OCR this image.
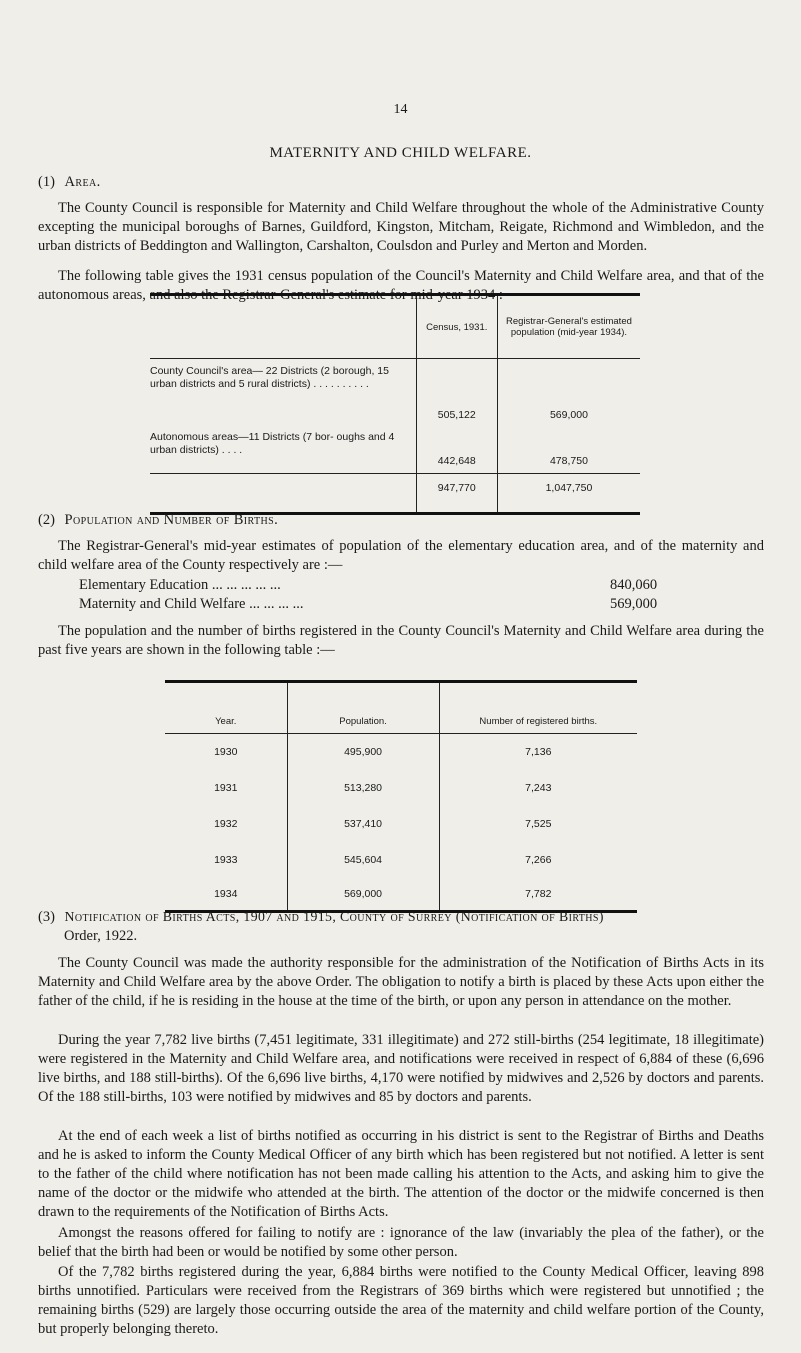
14
MATERNITY AND CHILD WELFARE.
(1) Area.

The County Council is responsible for Maternity and Child Welfare throughout the whole of the Administrative County excepting the municipal boroughs of Barnes, Guildford, Kingston, Mitcham, Reigate, Richmond and Wimbledon, and the urban districts of Beddington and Wallington, Carshalton, Coulsdon and Purley and Merton and Morden.

The following table gives the 1931 census population of the Council's Maternity and Child Welfare area, and that of the autonomous areas, and also the Registrar-General's estimate for mid-year 1934 :—

	Census, 1931.	Registrar-General's estimated population (mid-year 1934).
County Council's area— 22 Districts (2 borough, 15 urban districts and 5 rural districts) . . . . . . . . . .	505,122	569,000
Autonomous areas—11 Districts (7 bor- oughs and 4 urban districts) . . . .	442,648	478,750
	947,770	1,047,750
(2) Population and Number of Births.

The Registrar-General's mid-year estimates of population of the elementary education area, and of the maternity and child welfare area of the County respectively are :—

Elementary Education ... ... ... ... ...	840,060
Maternity and Child Welfare ... ... ... ...	569,000

The population and the number of births registered in the County Council's Maternity and Child Welfare area during the past five years are shown in the following table :—

Year.	Population.	Number of registered births.
1930	495,900	7,136
1931	513,280	7,243
1932	537,410	7,525
1933	545,604	7,266
1934	569,000	7,782
(3) Notification of Births Acts, 1907 and 1915, County of Surrey (Notification of Births)
Order, 1922.

The County Council was made the authority responsible for the administration of the Notification of Births Acts in its Maternity and Child Welfare area by the above Order. The obligation to notify a birth is placed by these Acts upon either the father of the child, if he is residing in the house at the time of the birth, or upon any person in attendance on the mother.

During the year 7,782 live births (7,451 legitimate, 331 illegitimate) and 272 still-births (254 legitimate, 18 illegitimate) were registered in the Maternity and Child Welfare area, and notifications were received in respect of 6,884 of these (6,696 live births, and 188 still-births). Of the 6,696 live births, 4,170 were notified by midwives and 2,526 by doctors and parents. Of the 188 still-births, 103 were notified by midwives and 85 by doctors and parents.

At the end of each week a list of births notified as occurring in his district is sent to the Registrar of Births and Deaths and he is asked to inform the County Medical Officer of any birth which has been registered but not notified. A letter is sent to the father of the child where notification has not been made calling his attention to the Acts, and asking him to give the name of the doctor or the midwife who attended at the birth. The attention of the doctor or the midwife concerned is then drawn to the requirements of the Notification of Births Acts.

Amongst the reasons offered for failing to notify are : ignorance of the law (invariably the plea of the father), or the belief that the birth had been or would be notified by some other person.

Of the 7,782 births registered during the year, 6,884 births were notified to the County Medical Officer, leaving 898 births unnotified. Particulars were received from the Registrars of 369 births which were registered but unnotified ; the remaining births (529) are largely those occurring outside the area of the maternity and child welfare portion of the County, but properly belonging thereto.
